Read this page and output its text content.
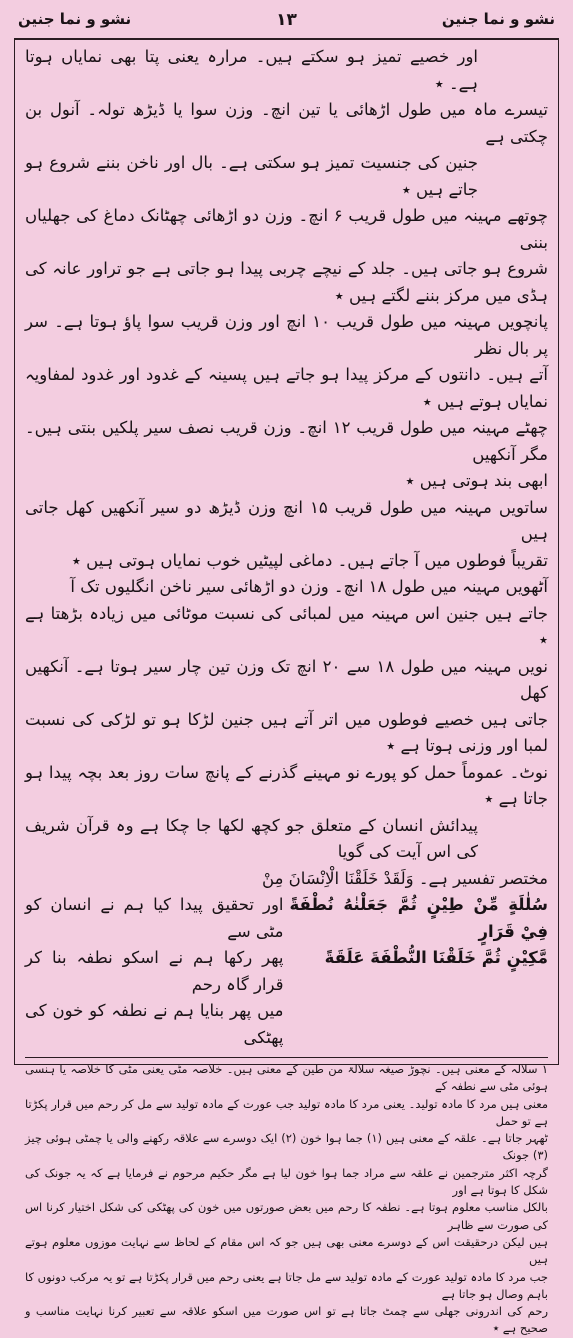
نشو و نما جنین
۱۳
نشو و نما جنین

اور خصیے تمیز ہو سکتے ہیں۔ مرارہ یعنی پتا بھی نمایاں ہوتا ہے۔ ٭

تیسرے ماہ میں طول اڑھائی یا تین انچ۔ وزن سوا یا ڈیڑھ تولہ۔ آنول بن چکتی ہے

جنین کی جنسیت تمیز ہو سکتی ہے۔ بال اور ناخن بننے شروع ہو جاتے ہیں ٭

چوتھے مہینہ میں طول قریب ۶ انچ۔ وزن دو اڑھائی چھٹانک دماغ کی جھلیاں بننی

شروع ہو جاتی ہیں۔ جلد کے نیچے چربی پیدا ہو جاتی ہے جو تراور عانہ کی ہڈی میں مرکز بننے لگتے ہیں ٭

پانچویں مہینہ میں طول قریب ۱۰ انچ اور وزن قریب سوا پاؤ ہوتا ہے۔ سر پر بال نظر

آتے ہیں۔ دانتوں کے مرکز پیدا ہو جاتے ہیں پسینہ کے غدود اور غدود لمفاویہ نمایاں ہوتے ہیں ٭

چھٹے مہینہ میں طول قریب ۱۲ انچ۔ وزن قریب نصف سیر پلکیں بنتی ہیں۔ مگر آنکھیں

ابھی بند ہوتی ہیں ٭

ساتویں مہینہ میں طول قریب ۱۵ انچ وزن ڈیڑھ دو سیر آنکھیں کھل جاتی ہیں

تقریباً فوطوں میں آ جاتے ہیں۔ دماغی لپیٹیں خوب نمایاں ہوتی ہیں ٭

آٹھویں مہینہ میں طول ۱۸ انچ۔ وزن دو اڑھائی سیر ناخن انگلیوں تک آ

جاتے ہیں جنین اس مہینہ میں لمبائی کی نسبت موٹائی میں زیادہ بڑھتا ہے ٭

نویں مہینہ میں طول ۱۸ سے ۲۰ انچ تک وزن تین چار سیر ہوتا ہے۔ آنکھیں کھل

جاتی ہیں خصیے فوطوں میں اتر آتے ہیں جنین لڑکا ہو تو لڑکی کی نسبت لمبا اور وزنی ہوتا ہے ٭

نوٹ۔ عموماً حمل کو پورے نو مہینے گذرنے کے پانچ سات روز بعد بچہ پیدا ہو جاتا ہے ٭

پیدائش انسان کے متعلق جو کچھ لکھا جا چکا ہے وہ قرآن شریف کی اس آیت کی گویا

مختصر تفسیر ہے۔ وَلَقَدْ خَلَقْنَا الْاِنْسَانَ مِنْ

سُلٰلَةٍ مِّنْ طِيْنٍ ثُمَّ جَعَلْنٰهُ نُطْفَةً فِيْ قَرَارٍ

مَّكِيْنٍ ثُمَّ خَلَقْنَا النُّطْفَةَ عَلَقَةً

اور تحقیق پیدا کیا ہم نے انسان کو مٹی سے

پھر رکھا ہم نے اسکو نطفہ بنا کر قرار گاہ رحم

میں پھر بنایا ہم نے نطفہ کو خون کی پھٹکی

۱ سلالہ کے معنی ہیں۔ نچوڑ صیغہ سلالۃ من طین کے معنی ہیں۔ خلاصہ مٹی یعنی مٹی کا خلاصہ یا ہنسی ہوئی مٹی سے نطفہ کے

معنی ہیں مرد کا مادہ تولید۔ یعنی مرد کا مادہ تولید جب عورت کے مادہ تولید سے مل کر رحم میں قرار پکڑتا ہے تو حمل

ٹھہر جاتا ہے۔ علقہ کے معنی ہیں (۱) جما ہوا خون (۲) ایک دوسرے سے علاقہ رکھنے والی یا چمٹی ہوئی چیز (۳) جونک

گرچہ اکثر مترجمین نے علقہ سے مراد جما ہوا خون لیا ہے مگر حکیم مرحوم نے فرمایا ہے کہ یہ جونک کی شکل کا ہوتا ہے اور

بالکل مناسب معلوم ہوتا ہے۔ نطفہ کا رحم میں بعض صورتوں میں خون کی پھٹکی کی شکل اختیار کرنا اس کی صورت سے ظاہر

ہیں لیکن درحقیقت اس کے دوسرے معنی بھی ہیں جو کہ اس مقام کے لحاظ سے نہایت موزوں معلوم ہوتے ہیں

جب مرد کا مادہ تولید عورت کے مادہ تولید سے مل جاتا ہے یعنی رحم میں قرار پکڑتا ہے تو یہ مرکب دونوں کا باہم وصال ہو جاتا ہے

رحم کی اندرونی جھلی سے چمٹ جاتا ہے تو اس صورت میں اسکو علاقہ سے تعبیر کرنا نہایت مناسب و صحیح ہے ٭
